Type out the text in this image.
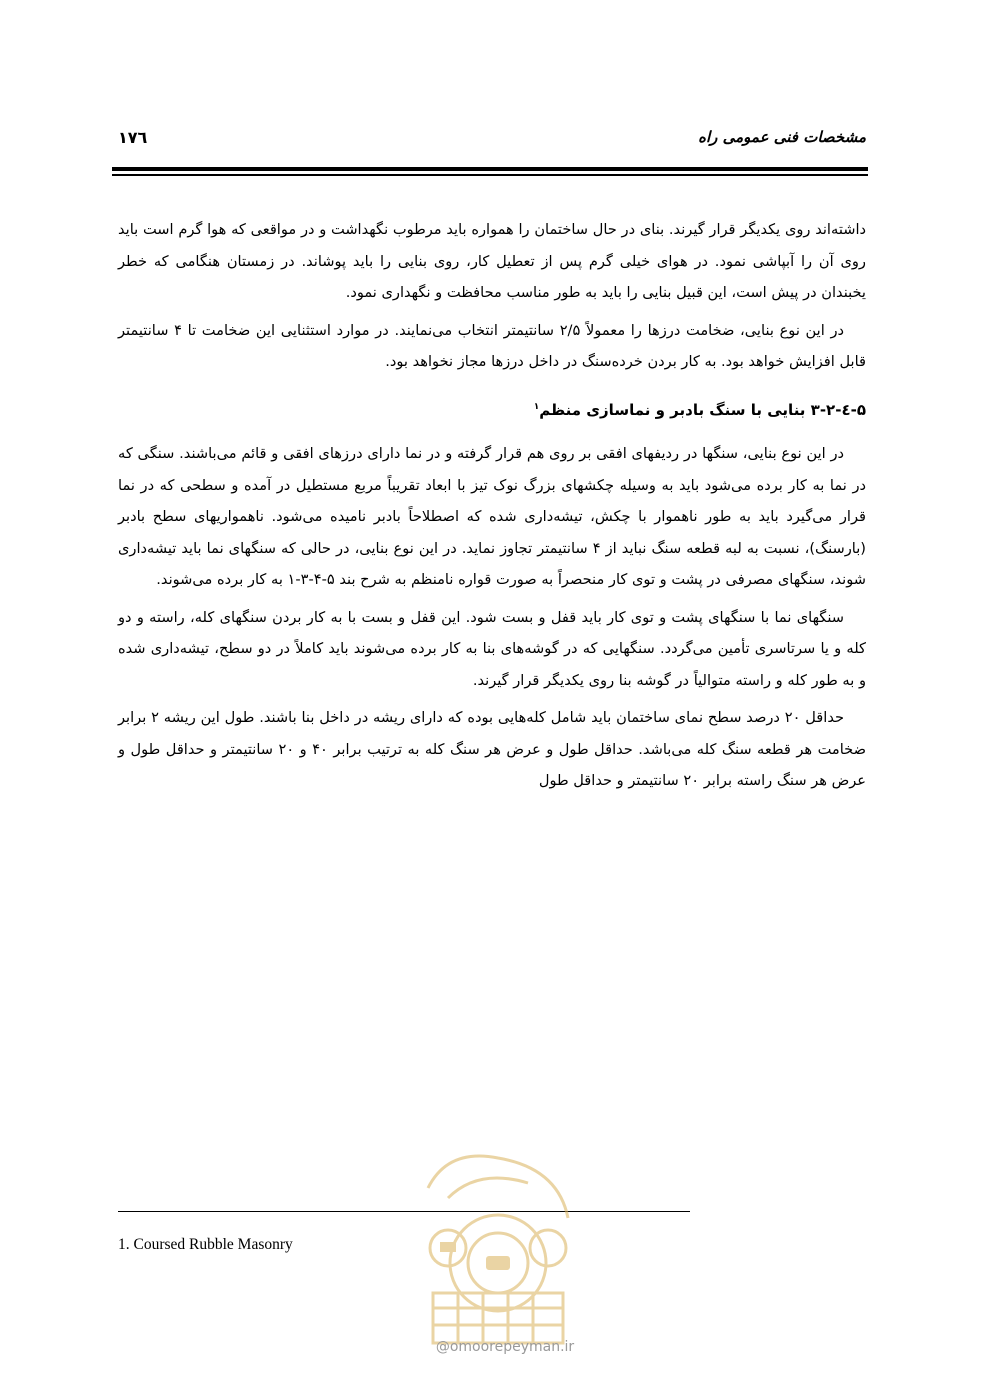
۱۷٦	مشخصات فنی عمومی راه

داشته‌اند روی یکدیگر قرار گیرند. بنای در حال ساختمان را همواره باید مرطوب نگهداشت و در مواقعی که هوا گرم است باید روی آن را آبپاشی نمود. در هوای خیلی گرم پس از تعطیل کار، روی بنایی را باید پوشاند. در زمستان هنگامی که خطر یخبندان در پیش است، این قبیل بنایی را باید به طور مناسب محافظت و نگهداری نمود.

در این نوع بنایی، ضخامت درزها را معمولاً ۲/۵ سانتیمتر انتخاب می‌نمایند. در موارد استثنایی این ضخامت تا ۴ سانتیمتر قابل افزایش خواهد بود. به کار بردن خرده‌سنگ در داخل درزها مجاز نخواهد بود.

۵-٤-۳-۲ بنایی با سنگ بادبر و نماسازی منظم$^۱$

در این نوع بنایی، سنگها در ردیفهای افقی بر روی هم قرار گرفته و در نما دارای درزهای افقی و قائم می‌باشند. سنگی که در نما به کار برده می‌شود باید به وسیله چکشهای بزرگ نوک تیز با ابعاد تقریباً مربع مستطیل در آمده و سطحی که در نما قرار می‌گیرد باید به طور ناهموار با چکش، تیشه‌داری شده که اصطلاحاً بادبر نامیده می‌شود. ناهمواریهای سطح بادبر (بارسنگ)، نسبت به لبه قطعه سنگ نباید از ۴ سانتیمتر تجاوز نماید. در این نوع بنایی، در حالی که سنگهای نما باید تیشه‌داری شوند، سنگهای مصرفی در پشت و توی کار منحصراً به صورت قواره نامنظم به شرح بند ۵-۴-۳-۱ به کار برده می‌شوند.

سنگهای نما با سنگهای پشت و توی کار باید قفل و بست شود. این قفل و بست با به کار بردن سنگهای کله، راسته و دو کله و یا سرتاسری تأمین می‌گردد. سنگهایی که در گوشه‌های بنا به کار برده می‌شوند باید کاملاً در دو سطح، تیشه‌داری شده و به طور کله و راسته متوالیاً در گوشه بنا روی یکدیگر قرار گیرند.

حداقل ۲۰ درصد سطح نمای ساختمان باید شامل کله‌هایی بوده که دارای ریشه در داخل بنا باشند. طول این ریشه ۲ برابر ضخامت هر قطعه سنگ کله می‌باشد. حداقل طول و عرض هر سنگ کله به ترتیب برابر ۴۰ و ۲۰ سانتیمتر و حداقل طول و عرض هر سنگ راسته برابر ۲۰ سانتیمتر و حداقل طول

1. Coursed Rubble Masonry
@omoorepeyman.ir
